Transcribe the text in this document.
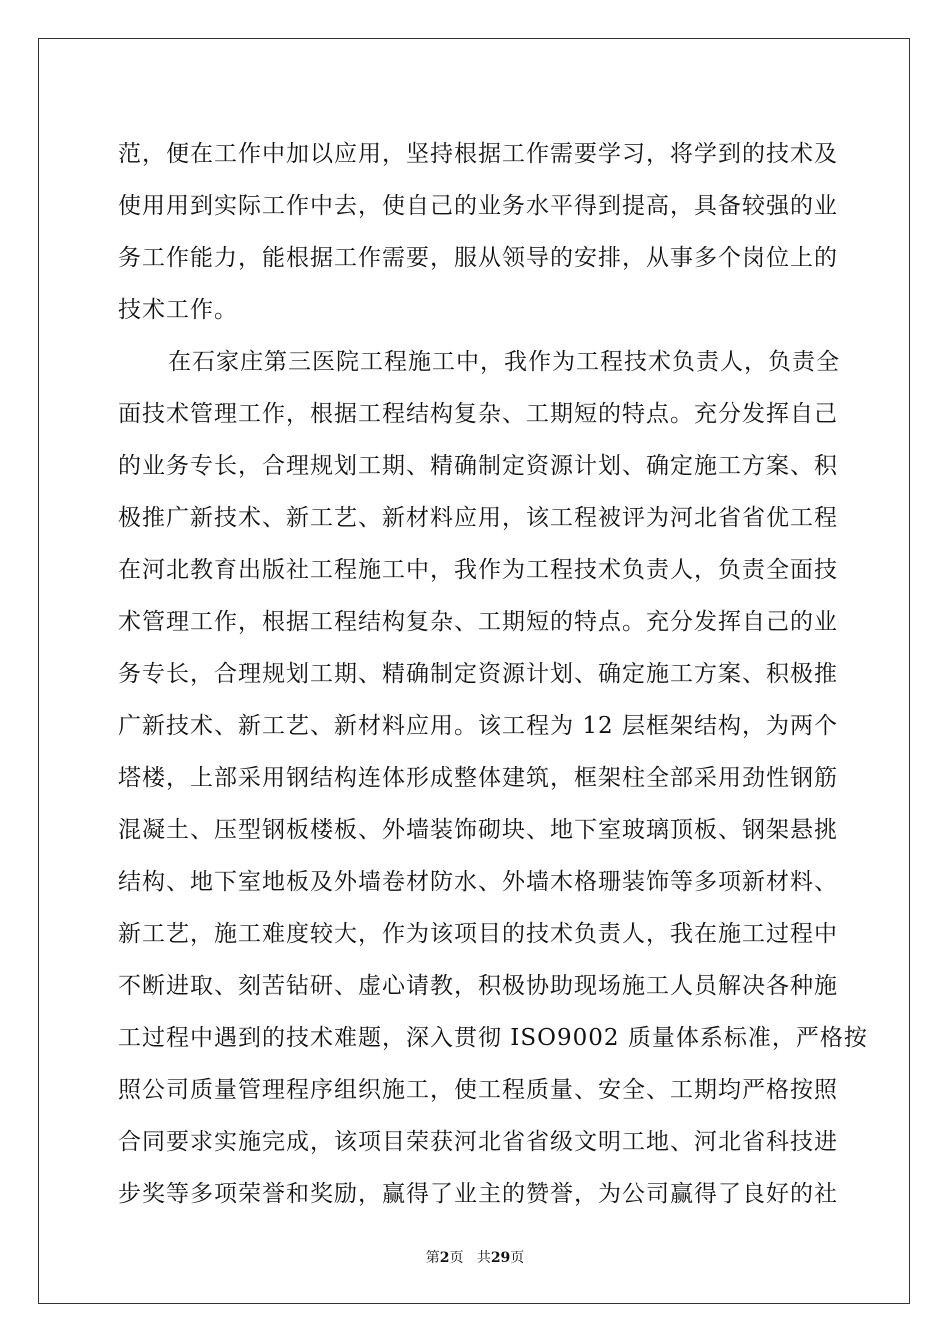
范，便在工作中加以应用，坚持根据工作需要学习，将学到的技术及
使用用到实际工作中去，使自己的业务水平得到提高，具备较强的业
务工作能力，能根据工作需要，服从领导的安排，从事多个岗位上的
技术工作。
在石家庄第三医院工程施工中，我作为工程技术负责人，负责全
面技术管理工作，根据工程结构复杂、工期短的特点。充分发挥自己
的业务专长，合理规划工期、精确制定资源计划、确定施工方案、积
极推广新技术、新工艺、新材料应用，该工程被评为河北省省优工程
在河北教育出版社工程施工中，我作为工程技术负责人，负责全面技
术管理工作，根据工程结构复杂、工期短的特点。充分发挥自己的业
务专长，合理规划工期、精确制定资源计划、确定施工方案、积极推
广新技术、新工艺、新材料应用。该工程为 12 层框架结构，为两个
塔楼，上部采用钢结构连体形成整体建筑，框架柱全部采用劲性钢筋
混凝土、压型钢板楼板、外墙装饰砌块、地下室玻璃顶板、钢架悬挑
结构、地下室地板及外墙卷材防水、外墙木格珊装饰等多项新材料、
新工艺，施工难度较大，作为该项目的技术负责人，我在施工过程中
不断进取、刻苦钻研、虚心请教，积极协助现场施工人员解决各种施
工过程中遇到的技术难题，深入贯彻 ISO9002 质量体系标准，严格按
照公司质量管理程序组织施工，使工程质量、安全、工期均严格按照
合同要求实施完成，该项目荣获河北省省级文明工地、河北省科技进
步奖等多项荣誉和奖励，赢得了业主的赞誉，为公司赢得了良好的社
第2页 共29页
